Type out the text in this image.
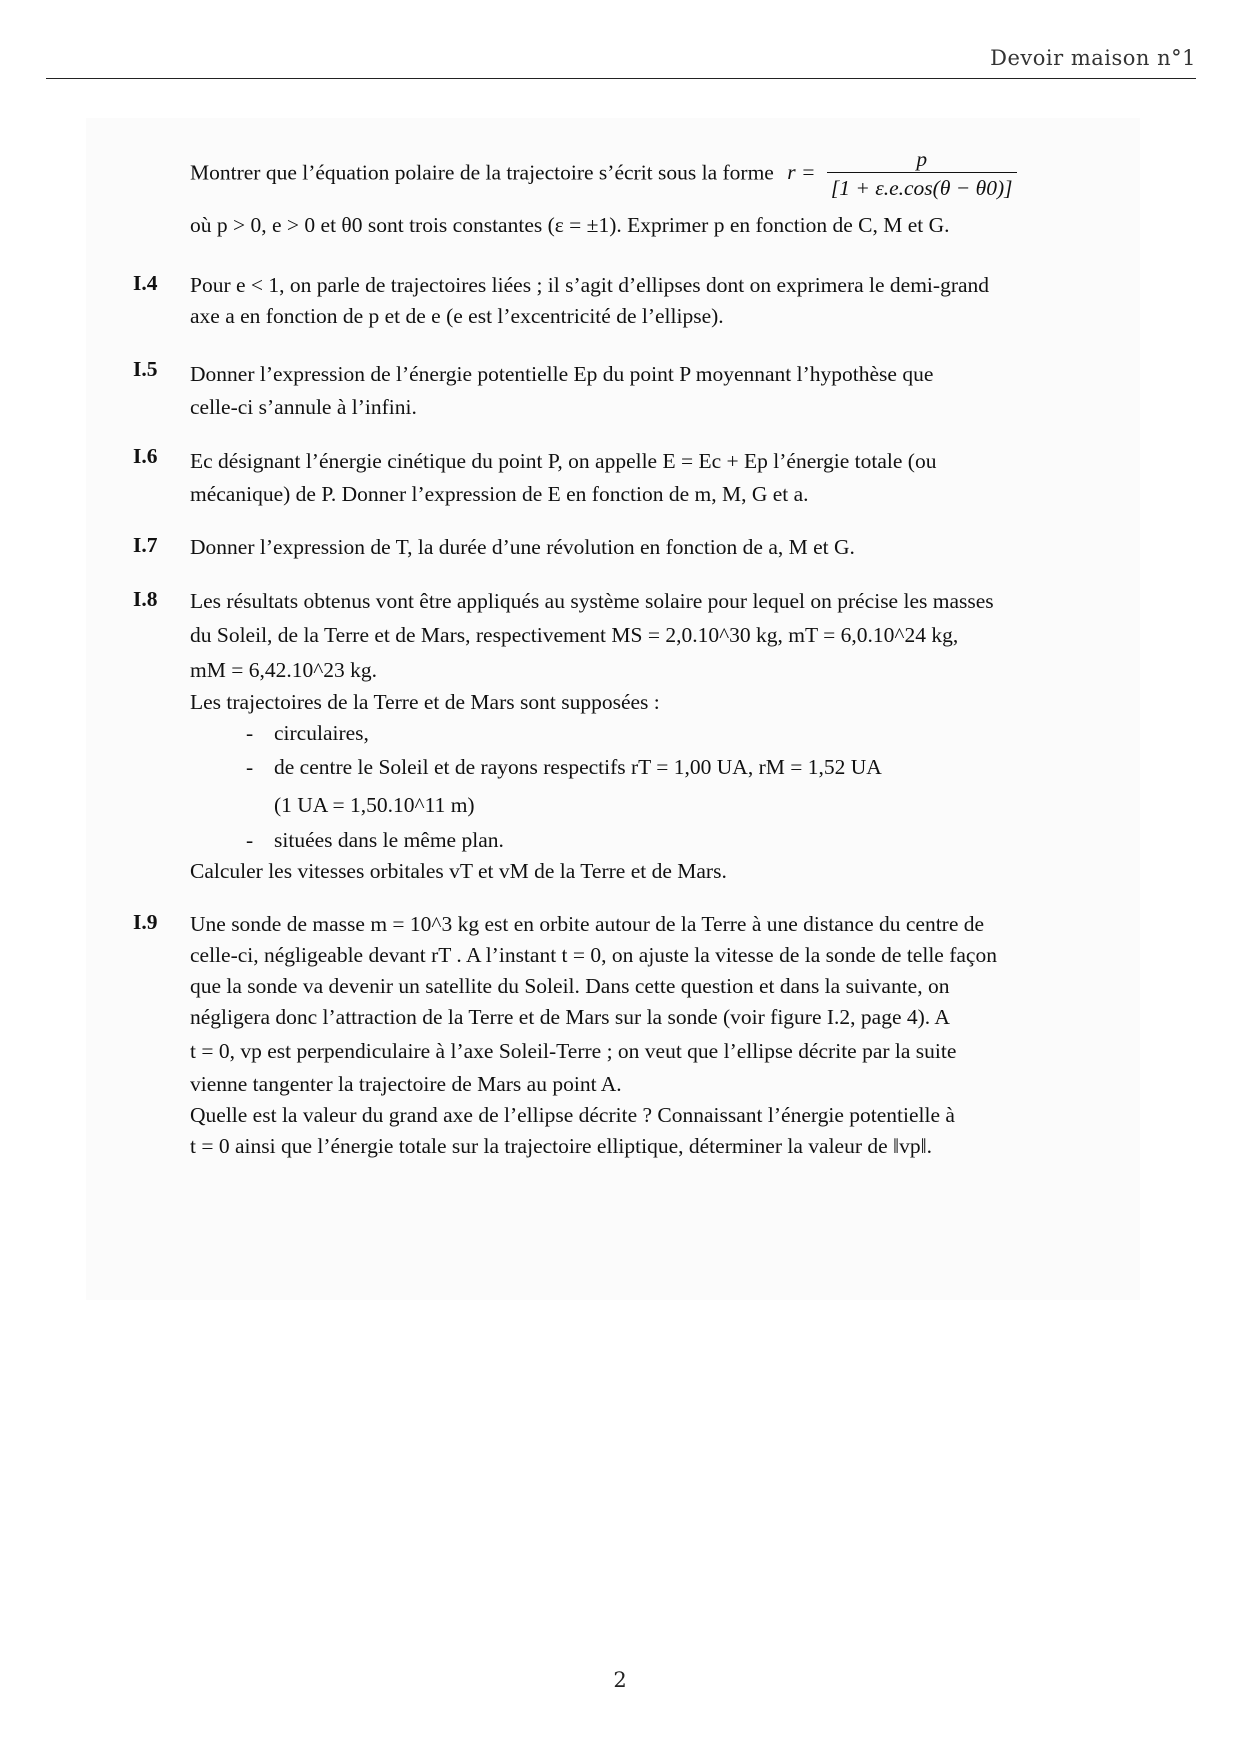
Devoir maison n°1
Montrer que l’équation polaire de la trajectoire s’écrit sous la forme $r = \frac{p}{[1 + \varepsilon.e.\cos(\theta - \theta 0)]}$
où p > 0, e > 0 et θ0 sont trois constantes (ε = ±1). Exprimer p en fonction de C, M et G.
I.4 Pour e < 1, on parle de trajectoires liées ; il s’agit d’ellipses dont on exprimera le demi-grand
axe a en fonction de p et de e (e est l’excentricité de l’ellipse).
I.5 Donner l’expression de l’énergie potentielle Ep du point P moyennant l’hypothèse que
celle-ci s’annule à l’infini.
I.6 Ec désignant l’énergie cinétique du point P, on appelle E = Ec + Ep l’énergie totale (ou
mécanique) de P. Donner l’expression de E en fonction de m, M, G et a.
I.7 Donner l’expression de T, la durée d’une révolution en fonction de a, M et G.
I.8 Les résultats obtenus vont être appliqués au système solaire pour lequel on précise les masses
du Soleil, de la Terre et de Mars, respectivement MS = 2,0.10^30 kg, mT = 6,0.10^24 kg,
mM = 6,42.10^23 kg.
Les trajectoires de la Terre et de Mars sont supposées :
- circulaires,
- de centre le Soleil et de rayons respectifs rT = 1,00 UA, rM = 1,52 UA
(1 UA = 1,50.10^11 m)
- situées dans le même plan.
Calculer les vitesses orbitales vT et vM de la Terre et de Mars.
I.9 Une sonde de masse m = 10^3 kg est en orbite autour de la Terre à une distance du centre de
celle-ci, négligeable devant rT . A l’instant t = 0, on ajuste la vitesse de la sonde de telle façon
que la sonde va devenir un satellite du Soleil. Dans cette question et dans la suivante, on
négligera donc l’attraction de la Terre et de Mars sur la sonde (voir figure I.2, page 4). A
t = 0, vp est perpendiculaire à l’axe Soleil-Terre ; on veut que l’ellipse décrite par la suite
vienne tangenter la trajectoire de Mars au point A.
Quelle est la valeur du grand axe de l’ellipse décrite ? Connaissant l’énergie potentielle à
t = 0 ainsi que l’énergie totale sur la trajectoire elliptique, déterminer la valeur de ‖vp‖.
2
